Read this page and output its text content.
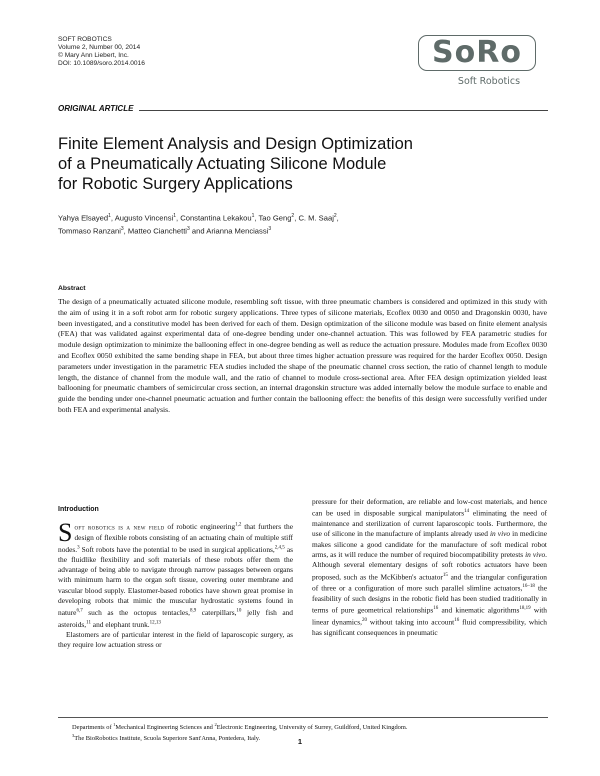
SOFT ROBOTICS
Volume 2, Number 00, 2014
© Mary Ann Liebert, Inc.
DOI: 10.1089/soro.2014.0016	SoRo
Soft Robotics
ORIGINAL ARTICLE
Finite Element Analysis and Design Optimization
of a Pneumatically Actuating Silicone Module
for Robotic Surgery Applications
Yahya Elsayed$^1$, Augusto Vincensi$^1$, Constantina Lekakou$^1$, Tao Geng$^2$, C. M. Saaj$^2$,
Tommaso Ranzani$^3$, Matteo Cianchetti$^3$ and Arianna Menciassi$^3$
Abstract
The design of a pneumatically actuated silicone module, resembling soft tissue, with three pneumatic chambers is considered and optimized in this study with the aim of using it in a soft robot arm for robotic surgery applications. Three types of silicone materials, Ecoflex 0030 and 0050 and Dragonskin 0030, have been investigated, and a constitutive model has been derived for each of them. Design optimization of the silicone module was based on finite element analysis (FEA) that was validated against experimental data of one-degree bending under one-channel actuation. This was followed by FEA parametric studies for module design optimization to minimize the ballooning effect in one-degree bending as well as reduce the actuation pressure. Modules made from Ecoflex 0030 and Ecoflex 0050 exhibited the same bending shape in FEA, but about three times higher actuation pressure was required for the harder Ecoflex 0050. Design parameters under investigation in the parametric FEA studies included the shape of the pneumatic channel cross section, the ratio of channel length to module length, the distance of channel from the module wall, and the ratio of channel to module cross-sectional area. After FEA design optimization yielded least ballooning for pneumatic chambers of semicircular cross section, an internal dragonskin structure was added internally below the module surface to enable and guide the bending under one-channel pneumatic actuation and further contain the ballooning effect: the benefits of this design were successfully verified under both FEA and experimental analysis.
Introduction

Soft robotics is a new field of robotic engineering$^{1,2}$ that furthers the design of flexible robots consisting of an actuating chain of multiple stiff nodes.$^3$ Soft robots have the potential to be used in surgical applications,$^{2,4,5}$ as the fluidlike flexibility and soft materials of these robots offer them the advantage of being able to navigate through narrow passages between organs with minimum harm to the organ soft tissue, covering outer membrane and vascular blood supply. Elastomer-based robotics have shown great promise in developing robots that mimic the muscular hydrostatic systems found in nature$^{6,7}$ such as the octopus tentacles,$^{8,9}$ caterpillars,$^{10}$ jelly fish and asteroids,$^{11}$ and elephant trunk.$^{12,13}$

Elastomers are of particular interest in the field of laparoscopic surgery, as they require low actuation stress or

pressure for their deformation, are reliable and low-cost materials, and hence can be used in disposable surgical manipulators$^{14}$ eliminating the need of maintenance and sterilization of current laparoscopic tools. Furthermore, the use of silicone in the manufacture of implants already used in vivo in medicine makes silicone a good candidate for the manufacture of soft medical robot arms, as it will reduce the number of required biocompatibility pretests in vivo. Although several elementary designs of soft robotics actuators have been proposed, such as the McKibben's actuator$^{15}$ and the triangular configuration of three or a configuration of more such parallel slimline actuators,$^{16-18}$ the feasibility of such designs in the robotic field has been studied traditionally in terms of pure geometrical relationships$^{16}$ and kinematic algorithms$^{18,19}$ with linear dynamics,$^{20}$ without taking into account$^{16}$ fluid compressibility, which has significant consequences in pneumatic

Departments of $^1$Mechanical Engineering Sciences and $^2$Electronic Engineering, University of Surrey, Guildford, United Kingdom.
$^3$The BioRobotics Institute, Scuola Superiore Sant'Anna, Pontedera, Italy.	1
